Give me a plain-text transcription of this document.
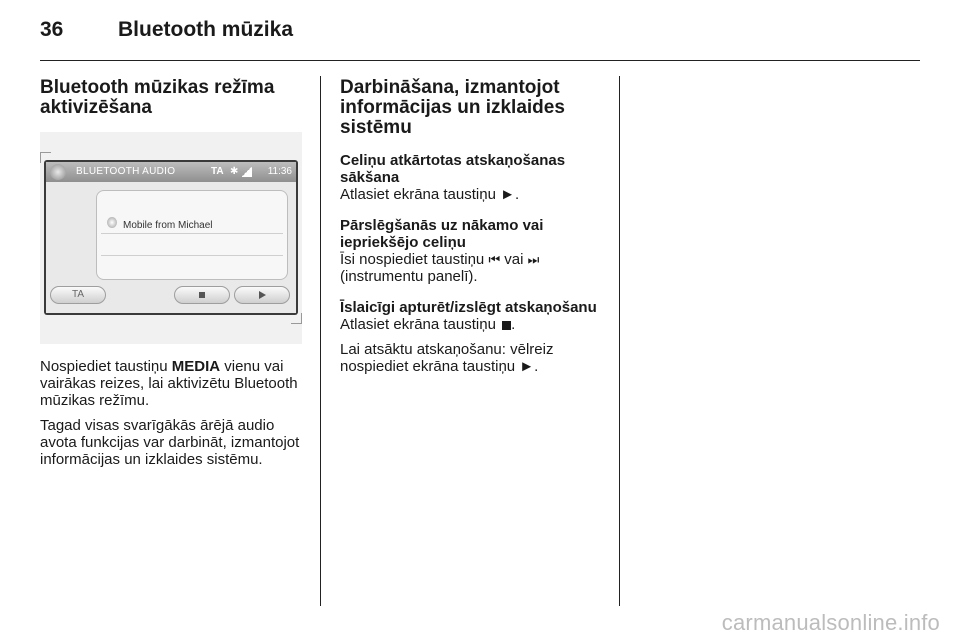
36	Bluetooth mūzika
Bluetooth mūzikas režīma aktivizēšana
BLUETOOTH AUDIO	TA ✱	11:36
Mobile from Michael
TA

Nospiediet taustiņu MEDIA vienu vai vairākas reizes, lai aktivizētu Bluetooth mūzikas režīmu.

Tagad visas svarīgākās ārējā audio avota funkcijas var darbināt, izmantojot informācijas un izklaides sistēmu.

Darbināšana, izmantojot informācijas un izklaides sistēmu
Celiņu atkārtotas atskaņošanas sākšana

Atlasiet ekrāna taustiņu ►.

Pārslēgšanās uz nākamo vai iepriekšējo celiņu

Īsi nospiediet taustiņu ⏮ vai ⏭
(instrumentu panelī).

Īslaicīgi apturēt/izslēgt atskaņošanu

Atlasiet ekrāna taustiņu .

Lai atsāktu atskaņošanu: vēlreiz nospiediet ekrāna taustiņu ►.

carmanualsonline.info
